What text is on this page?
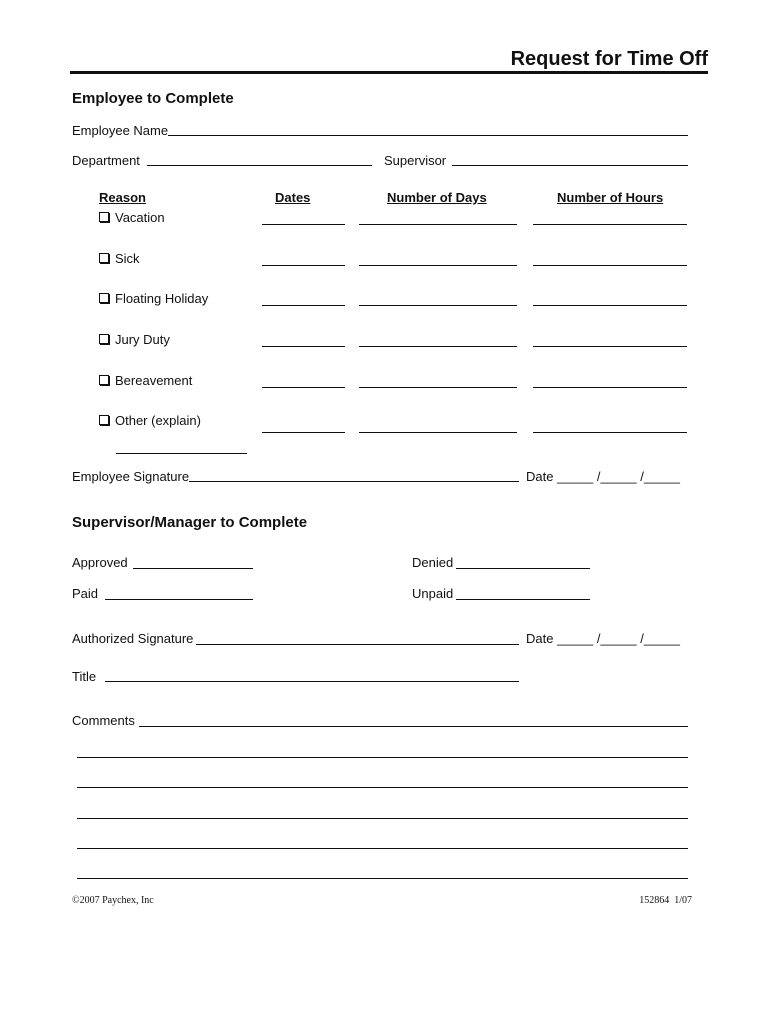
Request for Time Off
Employee to Complete
Employee Name
Department	Supervisor
Reason	Dates	Number of Days	Number of Hours
Vacation
Sick
Floating Holiday
Jury Duty
Bereavement
Other (explain)
Employee Signature	Date _____ /_____ /_____
Supervisor/Manager to Complete
Approved	Denied
Paid	Unpaid
Authorized Signature	Date _____ /_____ /_____
Title
Comments
©2007 Paychex, Inc	152864  1/07
